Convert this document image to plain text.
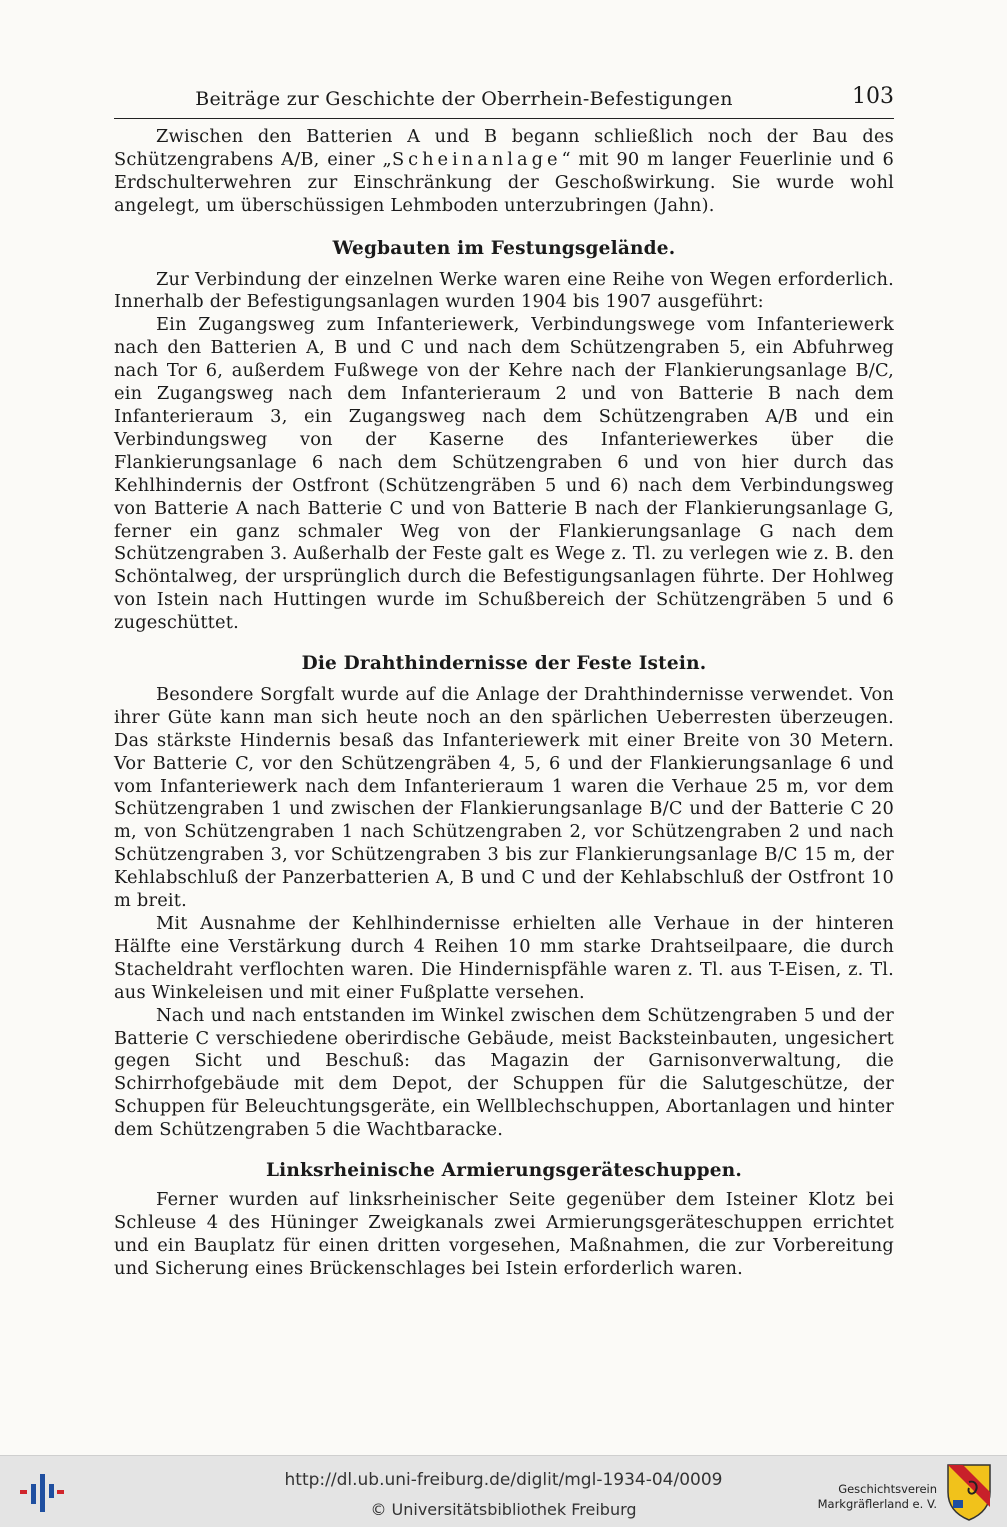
Beiträge zur Geschichte der Oberrhein-Befestigungen	103

Zwischen den Batterien A und B begann schließlich noch der Bau des Schützengrabens A/B, einer „Scheinanlage“ mit 90 m langer Feuerlinie und 6 Erdschulterwehren zur Einschränkung der Geschoßwirkung. Sie wurde wohl angelegt, um überschüssigen Lehmboden unterzubringen (Jahn).

Wegbauten im Festungsgelände.

Zur Verbindung der einzelnen Werke waren eine Reihe von Wegen erforderlich. Innerhalb der Befestigungsanlagen wurden 1904 bis 1907 ausgeführt:

Ein Zugangsweg zum Infanteriewerk, Verbindungswege vom Infanteriewerk nach den Batterien A, B und C und nach dem Schützengraben 5, ein Abfuhrweg nach Tor 6, außerdem Fußwege von der Kehre nach der Flankierungsanlage B/C, ein Zugangsweg nach dem Infanterieraum 2 und von Batterie B nach dem Infanterieraum 3, ein Zugangsweg nach dem Schützengraben A/B und ein Verbindungsweg von der Kaserne des Infanteriewerkes über die Flankierungsanlage 6 nach dem Schützengraben 6 und von hier durch das Kehlhindernis der Ostfront (Schützengräben 5 und 6) nach dem Verbindungsweg von Batterie A nach Batterie C und von Batterie B nach der Flankierungsanlage G, ferner ein ganz schmaler Weg von der Flankierungsanlage G nach dem Schützengraben 3. Außerhalb der Feste galt es Wege z. Tl. zu verlegen wie z. B. den Schöntalweg, der ursprünglich durch die Befestigungsanlagen führte. Der Hohlweg von Istein nach Huttingen wurde im Schußbereich der Schützengräben 5 und 6 zugeschüttet.

Die Drahthindernisse der Feste Istein.

Besondere Sorgfalt wurde auf die Anlage der Drahthindernisse verwendet. Von ihrer Güte kann man sich heute noch an den spärlichen Ueberresten überzeugen. Das stärkste Hindernis besaß das Infanteriewerk mit einer Breite von 30 Metern. Vor Batterie C, vor den Schützengräben 4, 5, 6 und der Flankierungsanlage 6 und vom Infanteriewerk nach dem Infanterieraum 1 waren die Verhaue 25 m, vor dem Schützengraben 1 und zwischen der Flankierungsanlage B/C und der Batterie C 20 m, von Schützengraben 1 nach Schützengraben 2, vor Schützengraben 2 und nach Schützengraben 3, vor Schützengraben 3 bis zur Flankierungsanlage B/C 15 m, der Kehlabschluß der Panzerbatterien A, B und C und der Kehlabschluß der Ostfront 10 m breit.

Mit Ausnahme der Kehlhindernisse erhielten alle Verhaue in der hinteren Hälfte eine Verstärkung durch 4 Reihen 10 mm starke Drahtseilpaare, die durch Stacheldraht verflochten waren. Die Hindernispfähle waren z. Tl. aus T-Eisen, z. Tl. aus Winkeleisen und mit einer Fußplatte versehen.

Nach und nach entstanden im Winkel zwischen dem Schützengraben 5 und der Batterie C verschiedene oberirdische Gebäude, meist Backsteinbauten, ungesichert gegen Sicht und Beschuß: das Magazin der Garnisonverwaltung, die Schirrhofgebäude mit dem Depot, der Schuppen für die Salutgeschütze, der Schuppen für Beleuchtungsgeräte, ein Wellblechschuppen, Abortanlagen und hinter dem Schützengraben 5 die Wachtbaracke.

Linksrheinische Armierungsgeräteschuppen.

Ferner wurden auf linksrheinischer Seite gegenüber dem Isteiner Klotz bei Schleuse 4 des Hüninger Zweigkanals zwei Armierungsgeräteschuppen errichtet und ein Bauplatz für einen dritten vorgesehen, Maßnahmen, die zur Vorbereitung und Sicherung eines Brückenschlages bei Istein erforderlich waren.

http://dl.ub.uni-freiburg.de/diglit/mgl-1934-04/0009
© Universitätsbibliothek Freiburg
Geschichtsverein
Markgräflerland e. V.
